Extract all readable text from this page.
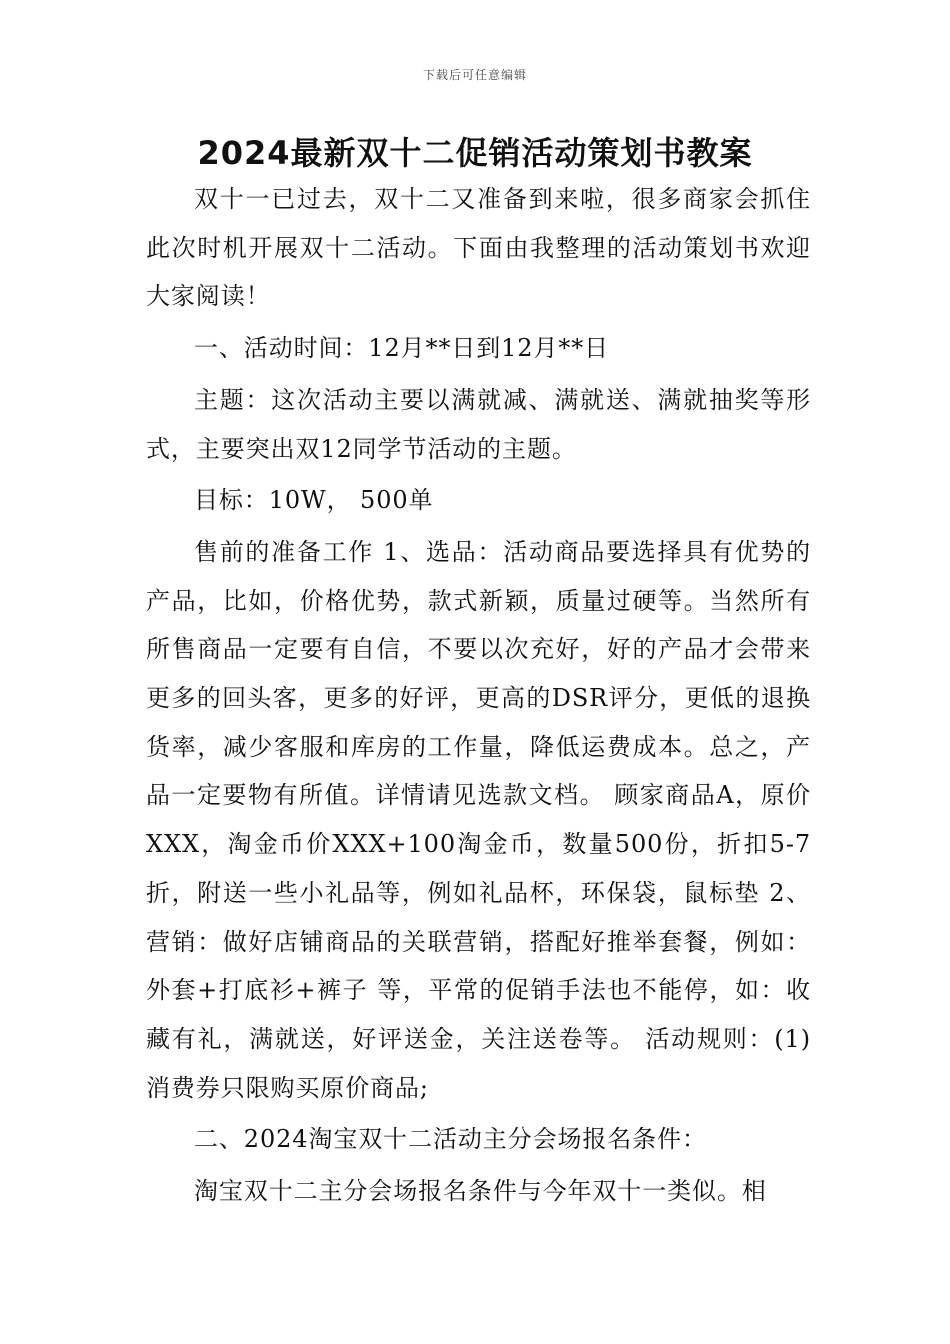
下载后可任意编辑
2024最新双十二促销活动策划书教案

双十一已过去，双十二又准备到来啦，很多商家会抓住此次时机开展双十二活动。下面由我整理的活动策划书欢迎大家阅读！

一、活动时间：12月**日到12月**日

主题：这次活动主要以满就减、满就送、满就抽奖等形式，主要突出双12同学节活动的主题。

目标：10W， 500单

售前的准备工作 1、选品：活动商品要选择具有优势的产品，比如，价格优势，款式新颖，质量过硬等。当然所有所售商品一定要有自信，不要以次充好，好的产品才会带来更多的回头客，更多的好评，更高的DSR评分，更低的退换货率，减少客服和库房的工作量，降低运费成本。总之，产品一定要物有所值。详情请见选款文档。 顾家商品A，原价XXX，淘金币价XXX+100淘金币，数量500份，折扣5-7折，附送一些小礼品等，例如礼品杯，环保袋，鼠标垫 2、营销：做好店铺商品的关联营销，搭配好推举套餐，例如：外套+打底衫+裤子 等，平常的促销手法也不能停，如：收藏有礼，满就送，好评送金，关注送卷等。 活动规则：(1)消费券只限购买原价商品;

二、2024淘宝双十二活动主分会场报名条件：

淘宝双十二主分会场报名条件与今年双十一类似。相
